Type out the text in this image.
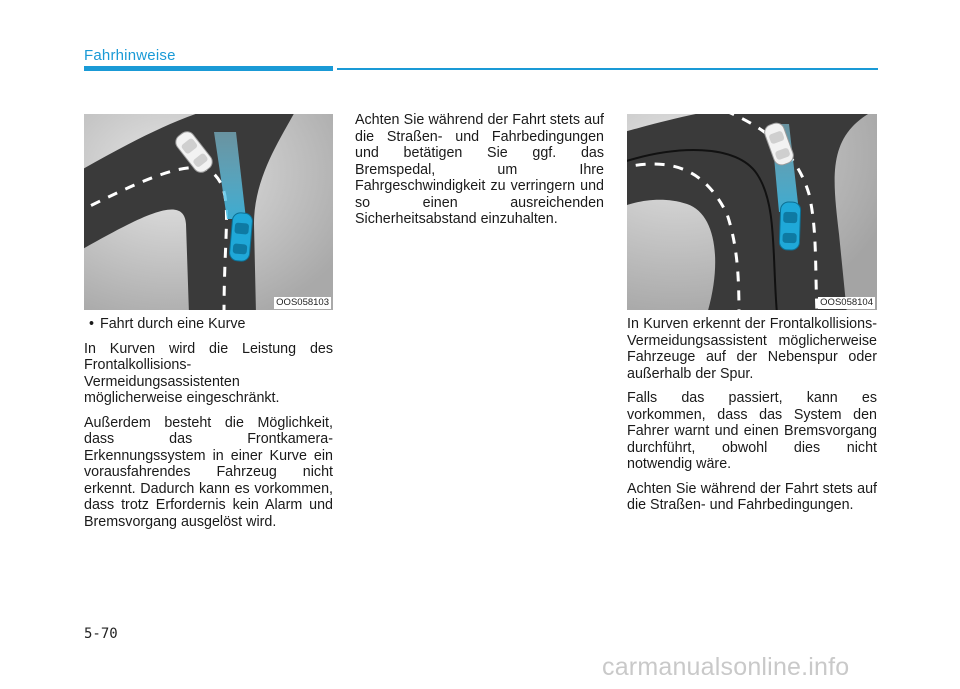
Fahrhinweise
OOS058103	OOS058104

• Fahrt durch eine Kurve

In Kurven wird die Leistung des Frontalkollisions-Vermeidungsassistenten möglicherweise eingeschränkt.

Außerdem besteht die Möglichkeit, dass das Frontkamera-Erkennungssystem in einer Kurve ein vorausfahrendes Fahrzeug nicht erkennt. Dadurch kann es vorkommen, dass trotz Erfordernis kein Alarm und Bremsvorgang ausgelöst wird.

Achten Sie während der Fahrt stets auf die Straßen- und Fahrbedingungen und betätigen Sie ggf. das Bremspedal, um Ihre Fahrgeschwindigkeit zu verringern und so einen ausreichenden Sicherheitsabstand einzuhalten.

In Kurven erkennt der Frontalkollisions-Vermeidungsassistent möglicherweise Fahrzeuge auf der Nebenspur oder außerhalb der Spur.

Falls das passiert, kann es vorkommen, dass das System den Fahrer warnt und einen Bremsvorgang durchführt, obwohl dies nicht notwendig wäre.

Achten Sie während der Fahrt stets auf die Straßen- und Fahrbedingungen.

5-70
carmanualsonline.info
